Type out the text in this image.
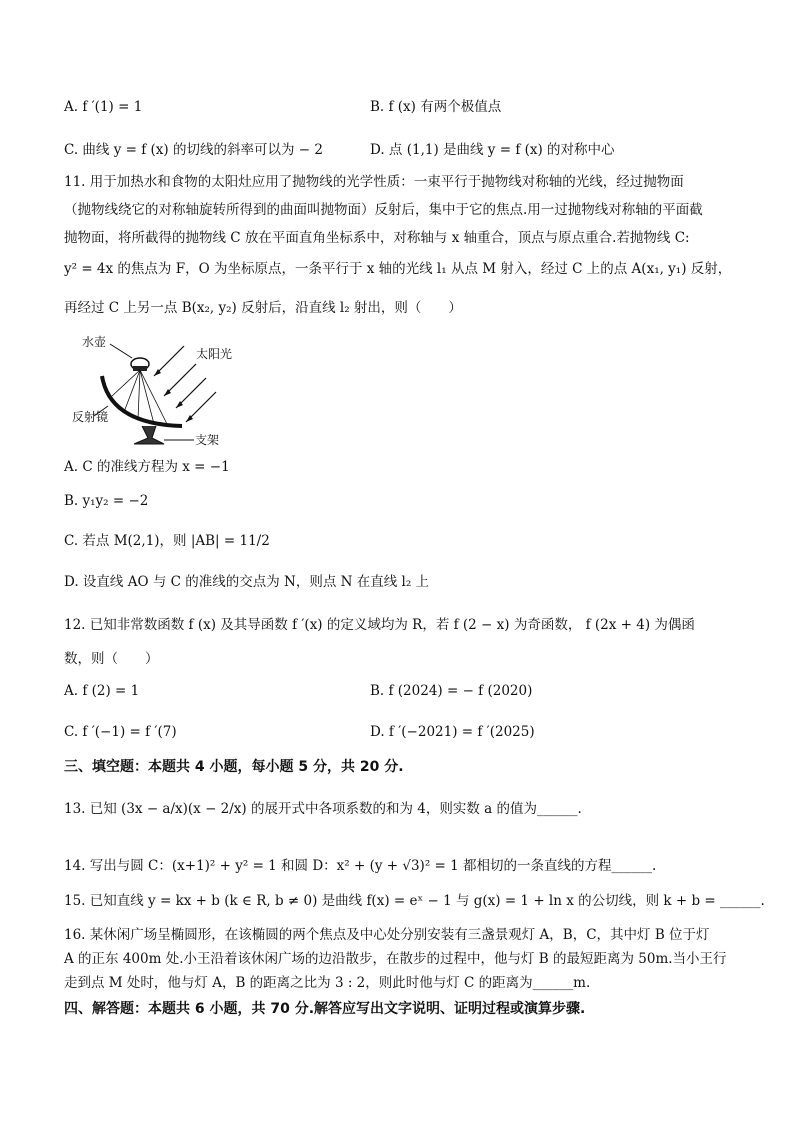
A. f ′(1) = 1	B. f (x) 有两个极值点
C. 曲线 y = f (x) 的切线的斜率可以为 − 2	D. 点 (1,1) 是曲线 y = f (x) 的对称中心
11. 用于加热水和食物的太阳灶应用了抛物线的光学性质：一束平行于抛物线对称轴的光线，经过抛物面
（抛物线绕它的对称轴旋转所得到的曲面叫抛物面）反射后，集中于它的焦点.用一过抛物线对称轴的平面截
抛物面，将所截得的抛物线 C 放在平面直角坐标系中，对称轴与 x 轴重合，顶点与原点重合.若抛物线 C:
y² = 4x 的焦点为 F，O 为坐标原点，一条平行于 x 轴的光线 l₁ 从点 M 射入，经过 C 上的点 A(x₁, y₁) 反射，
再经过 C 上另一点 B(x₂, y₂) 反射后，沿直线 l₂ 射出，则（　　）
水壶
太阳光
反射镜
支架
A. C 的准线方程为 x = −1
B. y₁y₂ = −2
C. 若点 M(2,1)，则 |AB| = 11/2
D. 设直线 AO 与 C 的准线的交点为 N，则点 N 在直线 l₂ 上
12. 已知非常数函数 f (x) 及其导函数 f ′(x) 的定义域均为 R，若 f (2 − x) 为奇函数， f (2x + 4) 为偶函
数，则（　　）
A. f (2) = 1	B. f (2024) = − f (2020)
C. f ′(−1) = f ′(7)	D. f ′(−2021) = f ′(2025)
三、填空题：本题共 4 小题，每小题 5 分，共 20 分.
13. 已知 (3x − a/x)(x − 2/x) 的展开式中各项系数的和为 4，则实数 a 的值为______.
14. 写出与圆 C：(x+1)² + y² = 1 和圆 D：x² + (y + √3)² = 1 都相切的一条直线的方程______.
15. 已知直线 y = kx + b (k ∈ R, b ≠ 0) 是曲线 f(x) = eˣ − 1 与 g(x) = 1 + ln x 的公切线，则 k + b = ______.
16. 某休闲广场呈椭圆形，在该椭圆的两个焦点及中心处分别安装有三盏景观灯 A，B，C，其中灯 B 位于灯
A 的正东 400m 处.小王沿着该休闲广场的边沿散步，在散步的过程中，他与灯 B 的最短距离为 50m.当小王行
走到点 M 处时，他与灯 A，B 的距离之比为 3 : 2，则此时他与灯 C 的距离为______m.
四、解答题：本题共 6 小题，共 70 分.解答应写出文字说明、证明过程或演算步骤.
